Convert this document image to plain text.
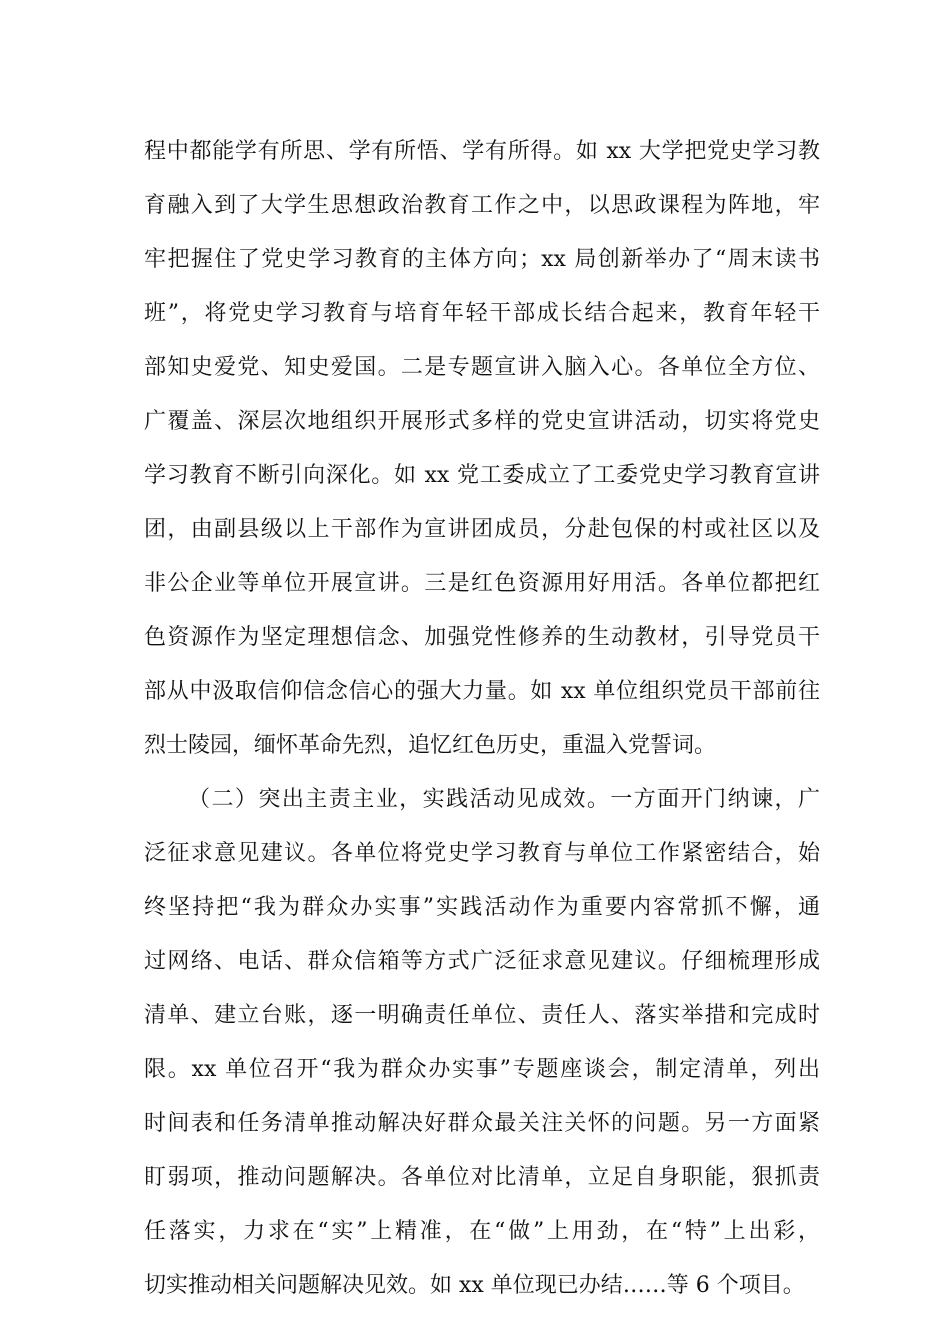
程中都能学有所思、学有所悟、学有所得。如 xx 大学把党史学习教
育融入到了大学生思想政治教育工作之中，以思政课程为阵地，牢
牢把握住了党史学习教育的主体方向；xx 局创新举办了“周末读书
班”，将党史学习教育与培育年轻干部成长结合起来，教育年轻干
部知史爱党、知史爱国。二是专题宣讲入脑入心。各单位全方位、
广覆盖、深层次地组织开展形式多样的党史宣讲活动，切实将党史
学习教育不断引向深化。如 xx 党工委成立了工委党史学习教育宣讲
团，由副县级以上干部作为宣讲团成员，分赴包保的村或社区以及
非公企业等单位开展宣讲。三是红色资源用好用活。各单位都把红
色资源作为坚定理想信念、加强党性修养的生动教材，引导党员干
部从中汲取信仰信念信心的强大力量。如 xx 单位组织党员干部前往
烈士陵园，缅怀革命先烈，追忆红色历史，重温入党誓词。
（二）突出主责主业，实践活动见成效。一方面开门纳谏，广
泛征求意见建议。各单位将党史学习教育与单位工作紧密结合，始
终坚持把“我为群众办实事”实践活动作为重要内容常抓不懈，通
过网络、电话、群众信箱等方式广泛征求意见建议。仔细梳理形成
清单、建立台账，逐一明确责任单位、责任人、落实举措和完成时
限。xx 单位召开“我为群众办实事”专题座谈会，制定清单，列出
时间表和任务清单推动解决好群众最关注关怀的问题。另一方面紧
盯弱项，推动问题解决。各单位对比清单，立足自身职能，狠抓责
任落实，力求在“实”上精准，在“做”上用劲，在“特”上出彩，
切实推动相关问题解决见效。如 xx 单位现已办结……等 6 个项目。
